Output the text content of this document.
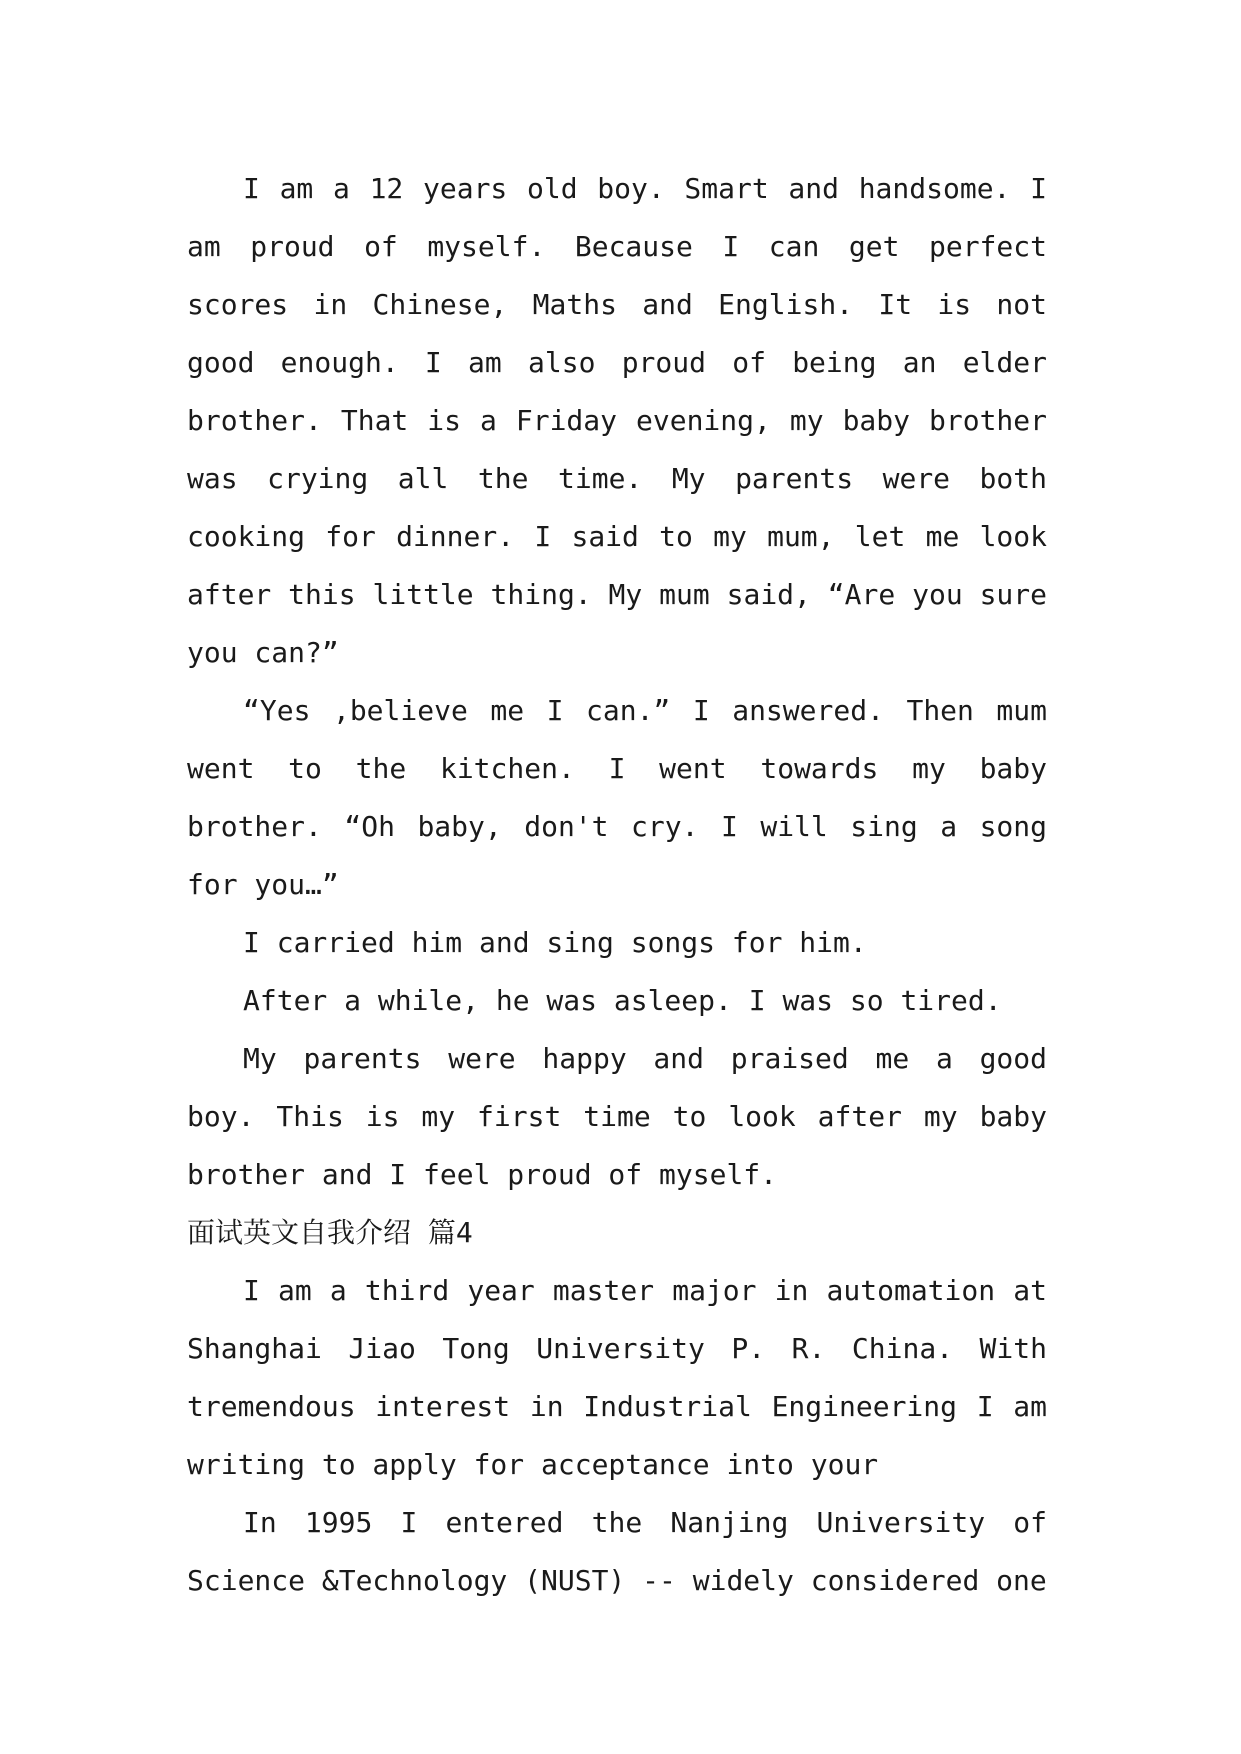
I am a 12 years old boy. Smart and handsome. I am proud of myself. Because I can get perfect scores in Chinese, Maths and English. It is not good enough. I am also proud of being an elder brother. That is a Friday evening, my baby brother was crying all the time. My parents were both cooking for dinner. I said to my mum, let me look after this little thing. My mum said, “Are you sure you can?”

“Yes ,believe me I can.” I answered. Then mum went to the kitchen. I went towards my baby brother. “Oh baby, don't cry. I will sing a song for you…”

I carried him and sing songs for him.

After a while, he was asleep. I was so tired.

My parents were happy and praised me a good boy. This is my first time to look after my baby brother and I feel proud of myself.

面试英文自我介绍 篇4

I am a third year master major in automation at Shanghai Jiao Tong University P. R. China. With tremendous interest in Industrial Engineering I am writing to apply for acceptance into your

In 1995 I entered the Nanjing University of Science &Technology (NUST) -- widely considered one
